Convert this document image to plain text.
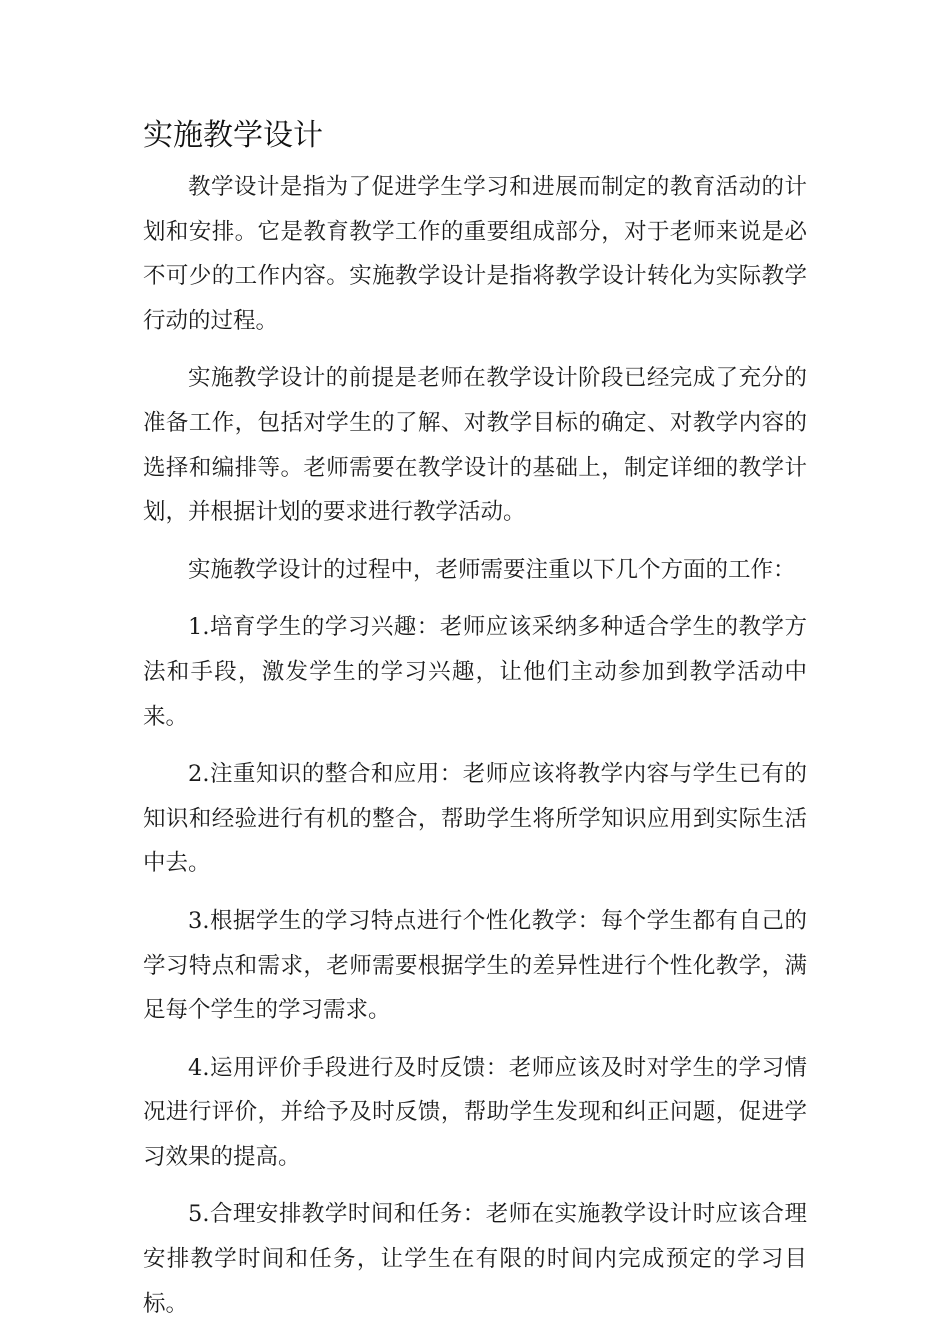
实施教学设计

教学设计是指为了促进学生学习和进展而制定的教育活动的计划和安排。它是教育教学工作的重要组成部分，对于老师来说是必不可少的工作内容。实施教学设计是指将教学设计转化为实际教学行动的过程。

实施教学设计的前提是老师在教学设计阶段已经完成了充分的准备工作，包括对学生的了解、对教学目标的确定、对教学内容的选择和编排等。老师需要在教学设计的基础上，制定详细的教学计划，并根据计划的要求进行教学活动。

实施教学设计的过程中，老师需要注重以下几个方面的工作：

1.培育学生的学习兴趣：老师应该采纳多种适合学生的教学方法和手段，激发学生的学习兴趣，让他们主动参加到教学活动中来。

2.注重知识的整合和应用：老师应该将教学内容与学生已有的知识和经验进行有机的整合，帮助学生将所学知识应用到实际生活中去。

3.根据学生的学习特点进行个性化教学：每个学生都有自己的学习特点和需求，老师需要根据学生的差异性进行个性化教学，满足每个学生的学习需求。

4.运用评价手段进行及时反馈：老师应该及时对学生的学习情况进行评价，并给予及时反馈，帮助学生发现和纠正问题，促进学习效果的提高。

5.合理安排教学时间和任务：老师在实施教学设计时应该合理安排教学时间和任务，让学生在有限的时间内完成预定的学习目标。
